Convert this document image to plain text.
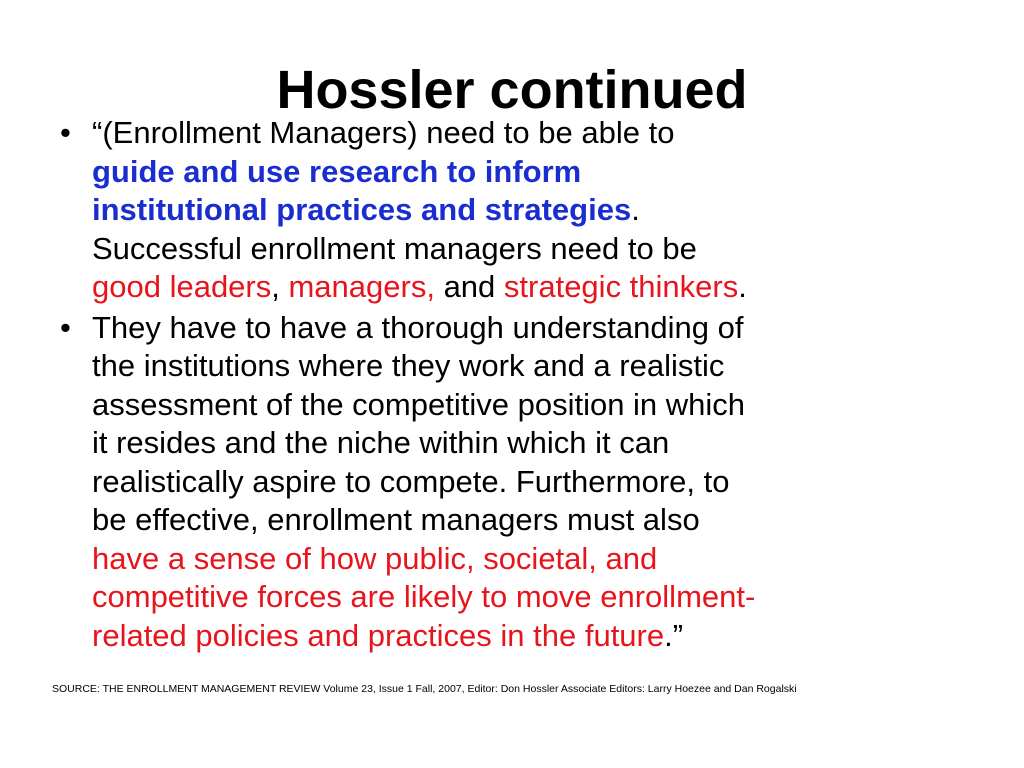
Hossler continued
• “(Enrollment Managers) need to be able to
guide and use research to inform
institutional practices and strategies.
Successful enrollment managers need to be
good leaders, managers, and strategic thinkers.
• They have to have a thorough understanding of
the institutions where they work and a realistic
assessment of the competitive position in which
it resides and the niche within which it can
realistically aspire to compete. Furthermore, to
be effective, enrollment managers must also
have a sense of how public, societal, and
competitive forces are likely to move enrollment-
related policies and practices in the future.”
SOURCE: THE ENROLLMENT MANAGEMENT REVIEW Volume 23, Issue 1 Fall, 2007, Editor: Don Hossler Associate Editors: Larry Hoezee and Dan Rogalski
